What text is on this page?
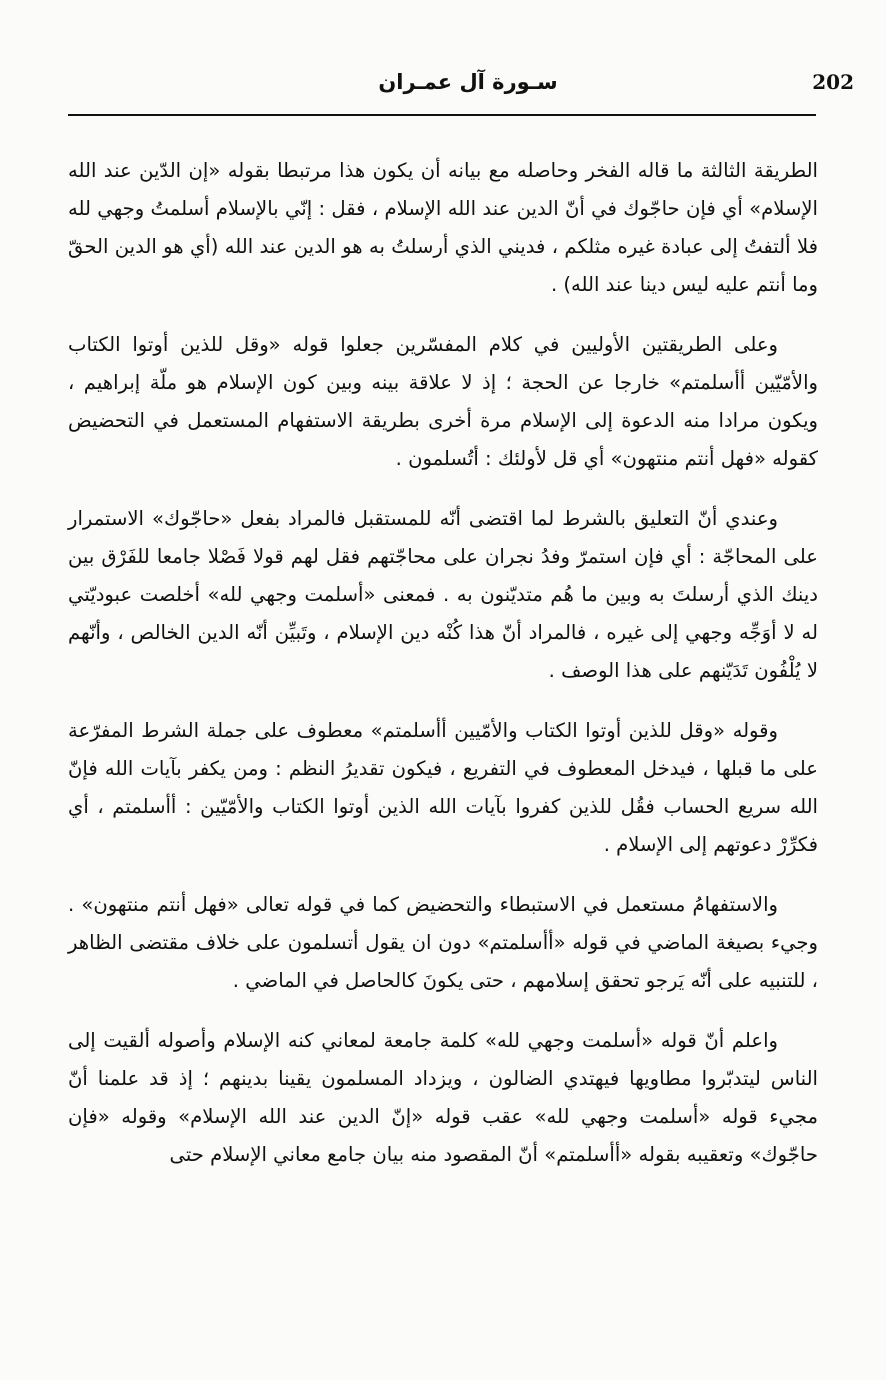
سـورة آل عمـران	202

الطريقة الثالثة ما قاله الفخر وحاصله مع بيانه أن يكون هذا مرتبطا بقوله «إن الدّين عند الله الإسلام» أي فإن حاجّوك في أنّ الدين عند الله الإسلام ، فقل : إنّي بالإسلام أسلمتُ وجهي لله فلا ألتفتُ إلى عبادة غيره مثلكم ، فديني الذي أرسلتُ به هو الدين عند الله (أي هو الدين الحقّ وما أنتم عليه ليس دينا عند الله) .

وعلى الطريقتين الأوليين في كلام المفسّرين جعلوا قوله «وقل للذين أوتوا الكتاب والأمّيّين أأسلمتم» خارجا عن الحجة ؛ إذ لا علاقة بينه وبين كون الإسلام هو ملّة إبراهيم ، ويكون مرادا منه الدعوة إلى الإسلام مرة أخرى بطريقة الاستفهام المستعمل في التحضيض كقوله «فهل أنتم منتهون» أي قل لأولئك : أتُسلمون .

وعندي أنّ التعليق بالشرط لما اقتضى أنّه للمستقبل فالمراد بفعل «حاجّوك» الاستمرار على المحاجّة : أي فإن استمرّ وفدُ نجران على محاجّتهم فقل لهم قولا فَصْلا جامعا للفَرْق بين دينك الذي أرسلتَ به وبين ما هُم متديّنون به . فمعنى «أسلمت وجهي لله» أخلصت عبوديّتي له لا أوَجِّه وجهي إلى غيره ، فالمراد أنّ هذا كُنْه دين الإسلام ، وتَبيِّن أنّه الدين الخالص ، وأنّهم لا يُلْفُون تَدَيّنهم على هذا الوصف .

وقوله «وقل للذين أوتوا الكتاب والأمّيين أأسلمتم» معطوف على جملة الشرط المفرّعة على ما قبلها ، فيدخل المعطوف في التفريع ، فيكون تقديرُ النظم : ومن يكفر بآيات الله فإنّ الله سريع الحساب فقُل للذين كفروا بآيات الله الذين أوتوا الكتاب والأمّيّين : أأسلمتم ، أي فكرِّرْ دعوتهم إلى الإسلام .

والاستفهامُ مستعمل في الاستبطاء والتحضيض كما في قوله تعالى «فهل أنتم منتهون» . وجيء بصيغة الماضي في قوله «أأسلمتم» دون ان يقول أتسلمون على خلاف مقتضى الظاهر ، للتنبيه على أنّه يَرجو تحقق إسلامهم ، حتى يكونَ كالحاصل في الماضي .

واعلم أنّ قوله «أسلمت وجهي لله» كلمة جامعة لمعاني كنه الإسلام وأصوله ألقيت إلى الناس ليتدبّروا مطاويها فيهتدي الضالون ، ويزداد المسلمون يقينا بدينهم ؛ إذ قد علمنا أنّ مجيء قوله «أسلمت وجهي لله» عقب قوله «إنّ الدين عند الله الإسلام» وقوله «فإن حاجّوك» وتعقيبه بقوله «أأسلمتم» أنّ المقصود منه بيان جامع معاني الإسلام حتى
